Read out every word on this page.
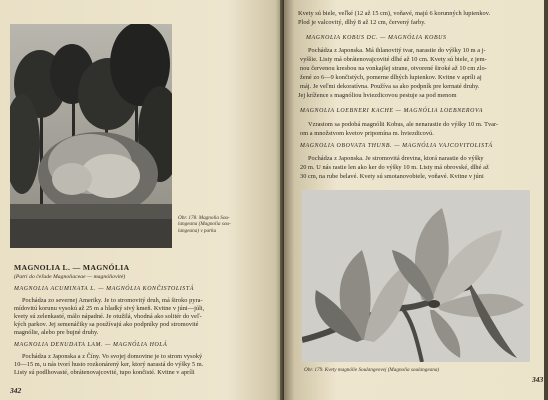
Obr. 178. Magnolia Sou-
langeana (Magnolia sou-
langeana) v parku
MAGNOLIA L. — MAGNÓLIA
(Patri do čeľade Magnoliaceae — magnóliovité)
MAGNOLIA ACUMINATA L. — MAGNÓLIA KONČISTOLISTÁ
Pochádza zo severnej Ameriky. Je to stromovitý druh, má široko pyra-
mídovitú korunu vysokú až 25 m a hladký sivý kmeň. Kvitne v júni—júli,
kvety sú zelenkasté, málo nápadné. Je otužilá, vhodná ako solitér do veľ-
kých parkov. Jej semenáčiky sa používajú ako podpníky pod stromovité
magnólie, alebo pre bujné druhy.
MAGNOLIA DENUDATA LAM. — MAGNÓLIA HOLÁ
Pochádza z Japonska a z Číny. Vo svojej domovine je to strom vysoký
10—15 m, u nás tvorí husto rozkonárený ker, ktorý narastá do výšky 5 m.
Listy sú podlhovasté, obrátenovajcovité, tupo končisté. Kvitne v apríli
342
Kvety sú biele, veľké (12 až 15 cm), voňavé, majú 6 korunných lupienkov.
Plod je valcovitý, dlhý 8 až 12 cm, červený farby.
MAGNOLIA KOBUS DC. — MAGNÓLIA KOBUS
Pochádza z Japonska. Má ihlanovitý tvar, narastie do výšky 10 m a j-
vyššie. Listy má obrátenovajcovité dlhé až 10 cm. Kvety sú biele, z jem-
nou červenou kresbou na vonkajšej strane, otvorené široké až 10 cm zlo-
žené zo 6—9 končistých, pomerne dlhých lupienkov. Kvitne v apríli aj
máj. Je veľmi dekoratívna. Používa sa ako podpník pre kernaté druhy.
Jej krížence s magnóliou hviezdicovou pestuje sa pod menom
MAGNOLIA LOEBNERI KACHE — MAGNÓLIA LOEBNEROVA
Vzrastom sa podobá magnólii Kobus, ale nenarastie do výšky 10 m. Tvar-
om a množstvom kvetov pripomína m. hviezdicovú.
MAGNOLIA OBOVATA THUNB. — MAGNÓLIA VAJCOVITOLISTÁ
Pochádza z Japonska. Je stromovitá drevina, ktorá narastie do výšky
20 m. U nás rastie len ako ker do výšky 10 m. Listy má obrovské, dlhé až
30 cm, na rube belavé. Kvety sú smotanovobiele, voňavé. Kvitne v júni
Obr. 179. Kvety magnólie Soulangeovej (Magnolia soulangeana)
343
